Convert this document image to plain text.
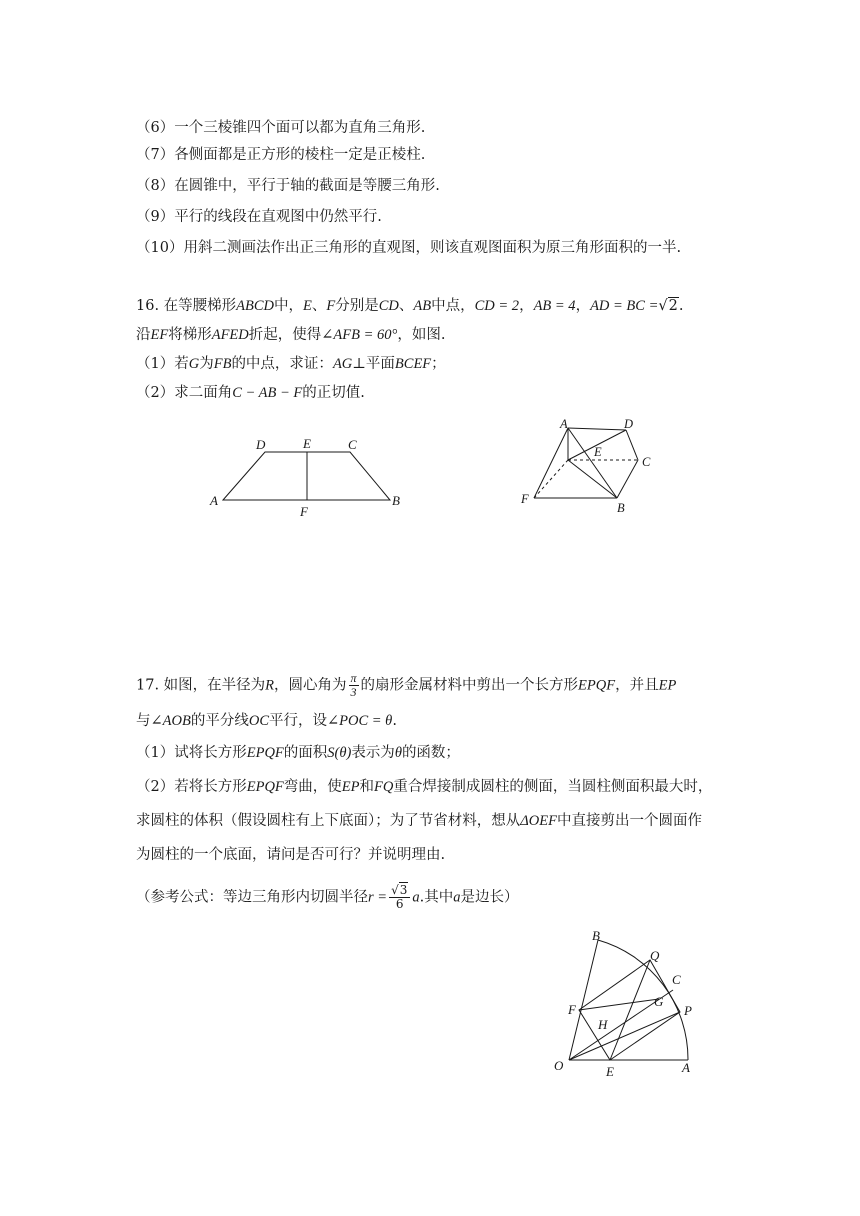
（6）一个三棱锥四个面可以都为直角三角形.
（7）各侧面都是正方形的棱柱一定是正棱柱.
（8）在圆锥中，平行于轴的截面是等腰三角形.
（9）平行的线段在直观图中仍然平行.
（10）用斜二测画法作出正三角形的直观图，则该直观图面积为原三角形面积的一半.
16. 在等腰梯形ABCD中，E、F分别是CD、AB中点，CD = 2，AB = 4，AD = BC =√2.
沿EF将梯形AFED折起，使得∠AFB = 60°，如图.
（1）若G为FB的中点，求证：AG⊥平面BCEF；
（2）求二面角C − AB − F的正切值.
D	E	C
A
F
B
A	D
E
C
F
B
17. 如图，在半径为R，圆心角为 $\frac{\pi}{3}$ 的扇形金属材料中剪出一个长方形EPQF，并且EP
与∠AOB的平分线OC平行，设∠POC = θ.
（1）试将长方形EPQF的面积S(θ)表示为θ的函数；
（2）若将长方形EPQF弯曲，使EP和FQ重合焊接制成圆柱的侧面，当圆柱侧面积最大时，
求圆柱的体积（假设圆柱有上下底面）；为了节省材料，想从ΔOEF中直接剪出一个圆面作
为圆柱的一个底面，请问是否可行？并说明理由.
（参考公式：等边三角形内切圆半径$r = \frac{√3}{6} a$.其中a是边长）
B
Q
C
G
P
F
H
O	E	A
